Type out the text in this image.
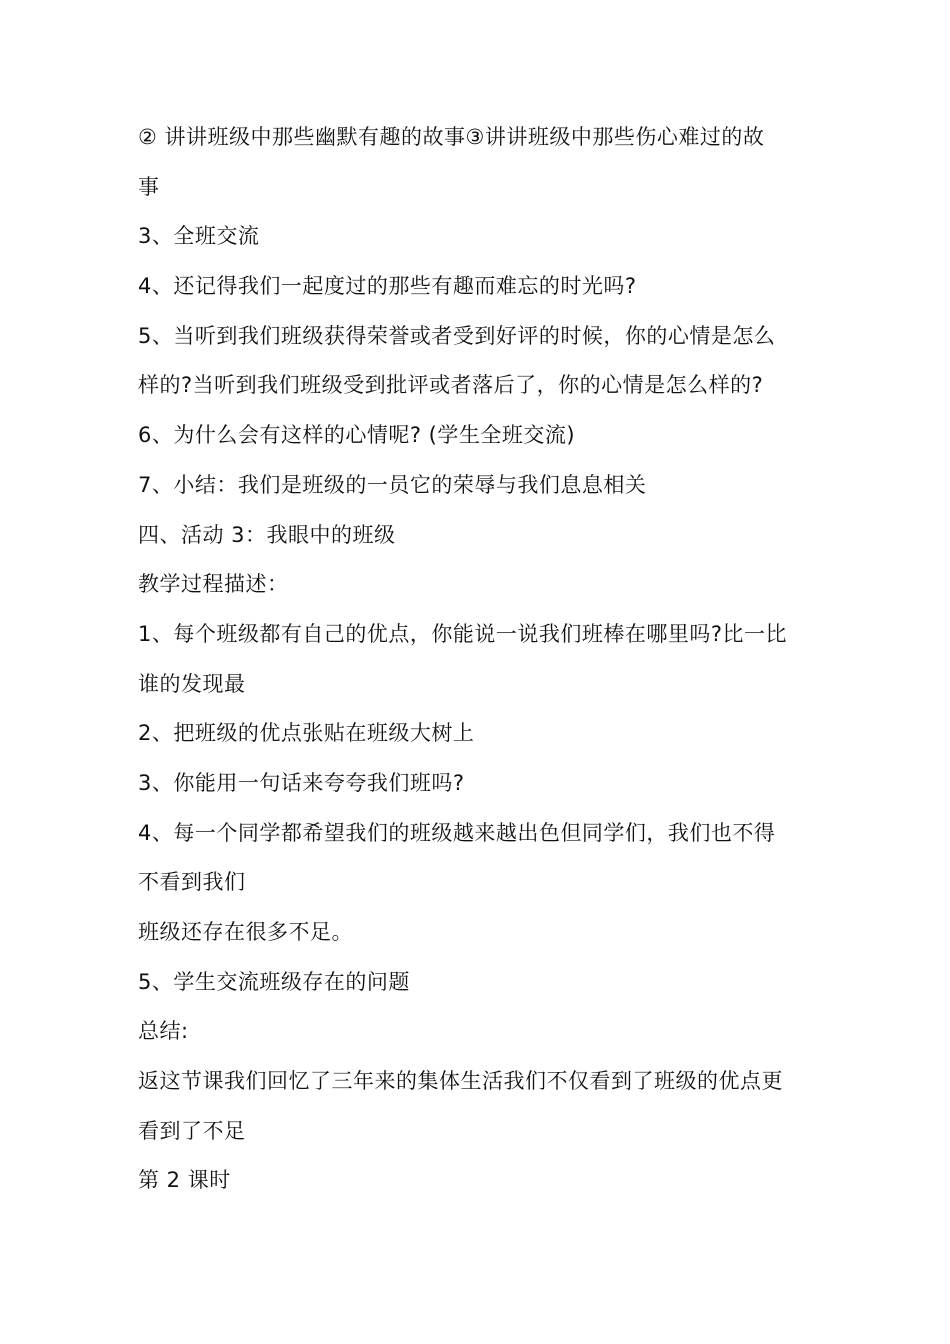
② 讲讲班级中那些幽默有趣的故事③讲讲班级中那些伤心难过的故

事

3、全班交流

4、还记得我们一起度过的那些有趣而难忘的时光吗?

5、当听到我们班级获得荣誉或者受到好评的时候，你的心情是怎么

样的?当听到我们班级受到批评或者落后了，你的心情是怎么样的?

6、为什么会有这样的心情呢? (学生全班交流)

7、小结：我们是班级的一员它的荣辱与我们息息相关

四、活动 3：我眼中的班级

教学过程描述：

1、每个班级都有自己的优点，你能说一说我们班棒在哪里吗?比一比

谁的发现最

2、把班级的优点张贴在班级大树上

3、你能用一句话来夸夸我们班吗?

4、每一个同学都希望我们的班级越来越出色但同学们，我们也不得

不看到我们

班级还存在很多不足。

5、学生交流班级存在的问题

总结:

返这节课我们回忆了三年来的集体生活我们不仅看到了班级的优点更

看到了不足

第 2 课时
